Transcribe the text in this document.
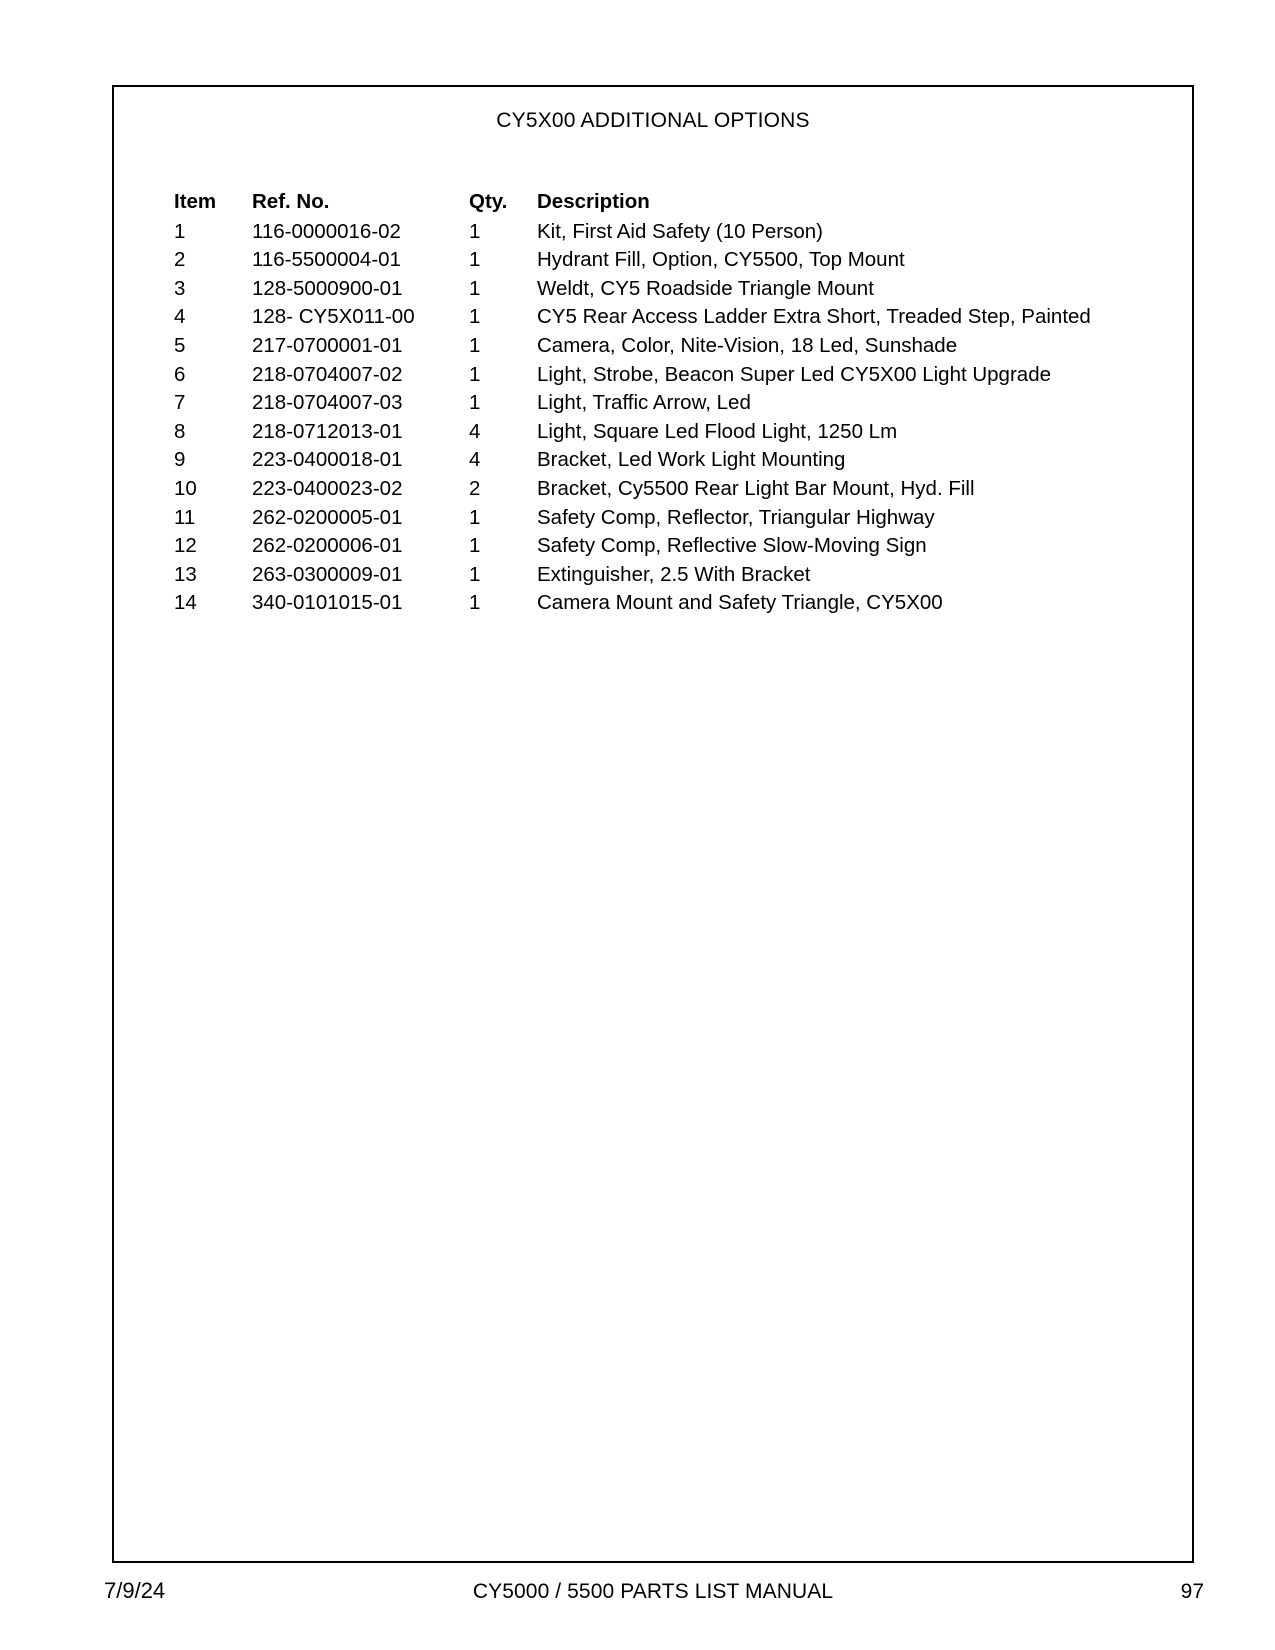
CY5X00 ADDITIONAL OPTIONS
Item	Ref. No.	Qty.	Description
1	116-0000016-02	1	Kit, First Aid Safety (10 Person)
2	116-5500004-01	1	Hydrant Fill, Option, CY5500, Top Mount
3	128-5000900-01	1	Weldt, CY5 Roadside Triangle Mount
4	128- CY5X011-00	1	CY5 Rear Access Ladder Extra Short, Treaded Step, Painted
5	217-0700001-01	1	Camera, Color, Nite-Vision, 18 Led, Sunshade
6	218-0704007-02	1	Light, Strobe, Beacon Super Led CY5X00 Light Upgrade
7	218-0704007-03	1	Light, Traffic Arrow, Led
8	218-0712013-01	4	Light, Square Led Flood Light, 1250 Lm
9	223-0400018-01	4	Bracket, Led Work Light Mounting
10	223-0400023-02	2	Bracket, Cy5500 Rear Light Bar Mount, Hyd. Fill
11	262-0200005-01	1	Safety Comp, Reflector, Triangular Highway
12	262-0200006-01	1	Safety Comp, Reflective Slow-Moving Sign
13	263-0300009-01	1	Extinguisher, 2.5 With Bracket
14	340-0101015-01	1	Camera Mount and Safety Triangle, CY5X00
7/9/24	CY5000 / 5500 PARTS LIST MANUAL	97
